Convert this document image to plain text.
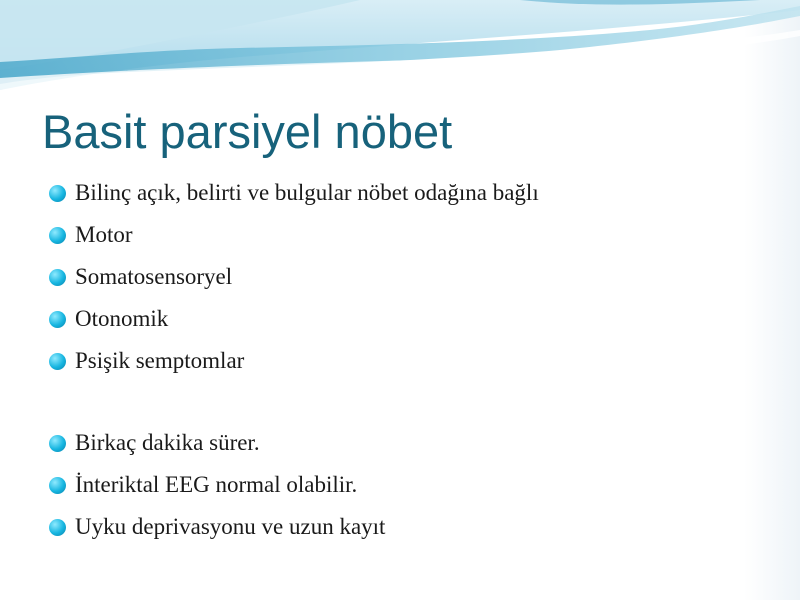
Basit parsiyel nöbet
Bilinç açık, belirti ve bulgular nöbet odağına bağlı
Motor
Somatosensoryel
Otonomik
Psişik semptomlar
Birkaç dakika sürer.
İnteriktal EEG normal olabilir.
Uyku deprivasyonu ve uzun kayıt
